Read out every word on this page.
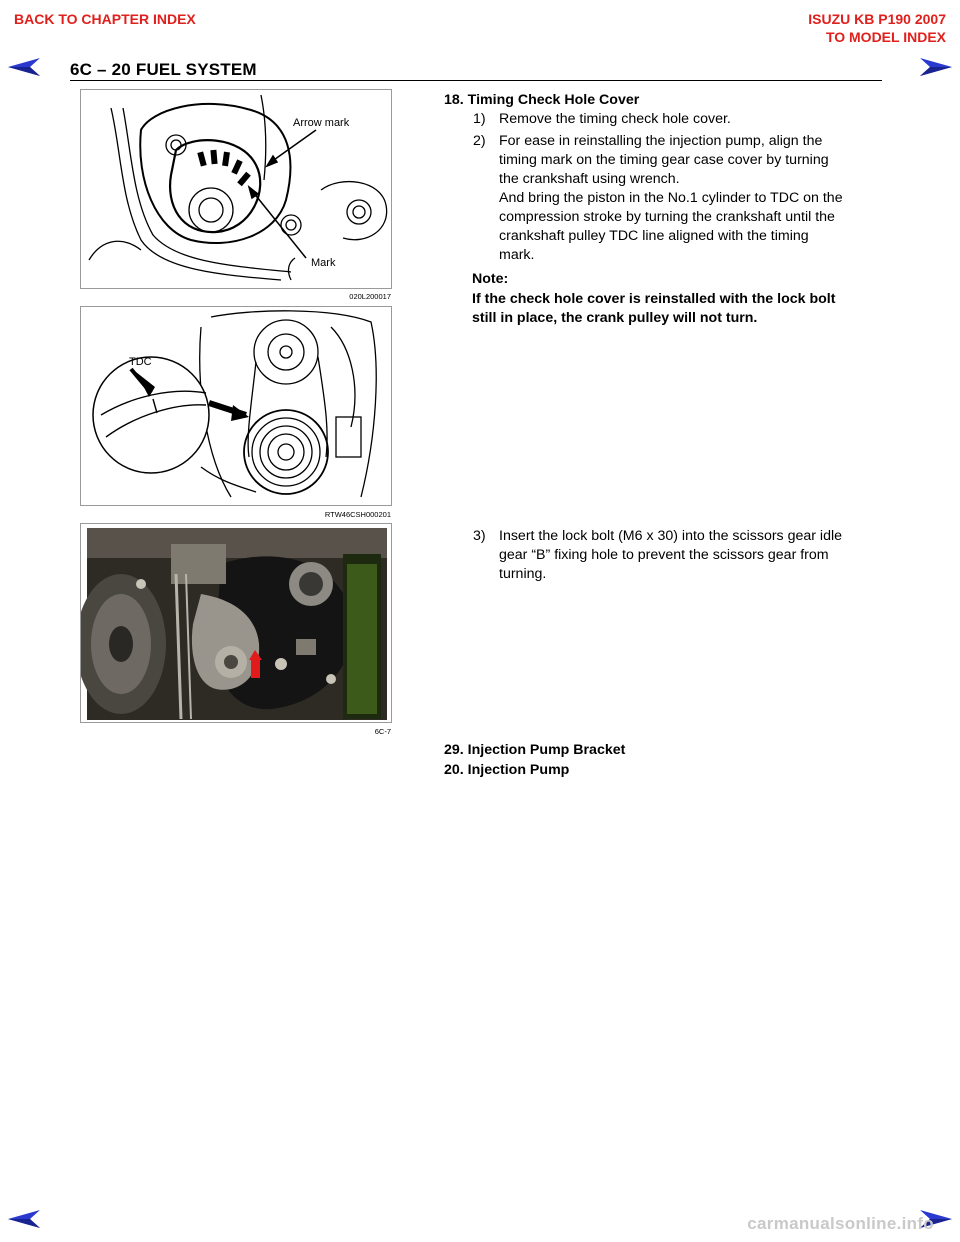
BACK TO CHAPTER INDEX	ISUZU KB P190 2007
TO MODEL INDEX
6C – 20 FUEL SYSTEM
Arrow mark
Mark
020L200017
TDC
RTW46CSH000201
6C-7
18. Timing Check Hole Cover
1) Remove the timing check hole cover.
2) For ease in reinstalling the injection pump, align the
timing mark on the timing gear case cover by turning
the crankshaft using wrench.
And bring the piston in the No.1 cylinder to TDC on the
compression stroke by turning the crankshaft until the
crankshaft pulley TDC line aligned with the timing
mark.
Note:
If the check hole cover is reinstalled with the lock bolt
still in place, the crank pulley will not turn.
3) Insert the lock bolt (M6 x 30) into the scissors gear idle
gear “B” fixing hole to prevent the scissors gear from
turning.
29. Injection Pump Bracket
20. Injection Pump
carmanualsonline.info
